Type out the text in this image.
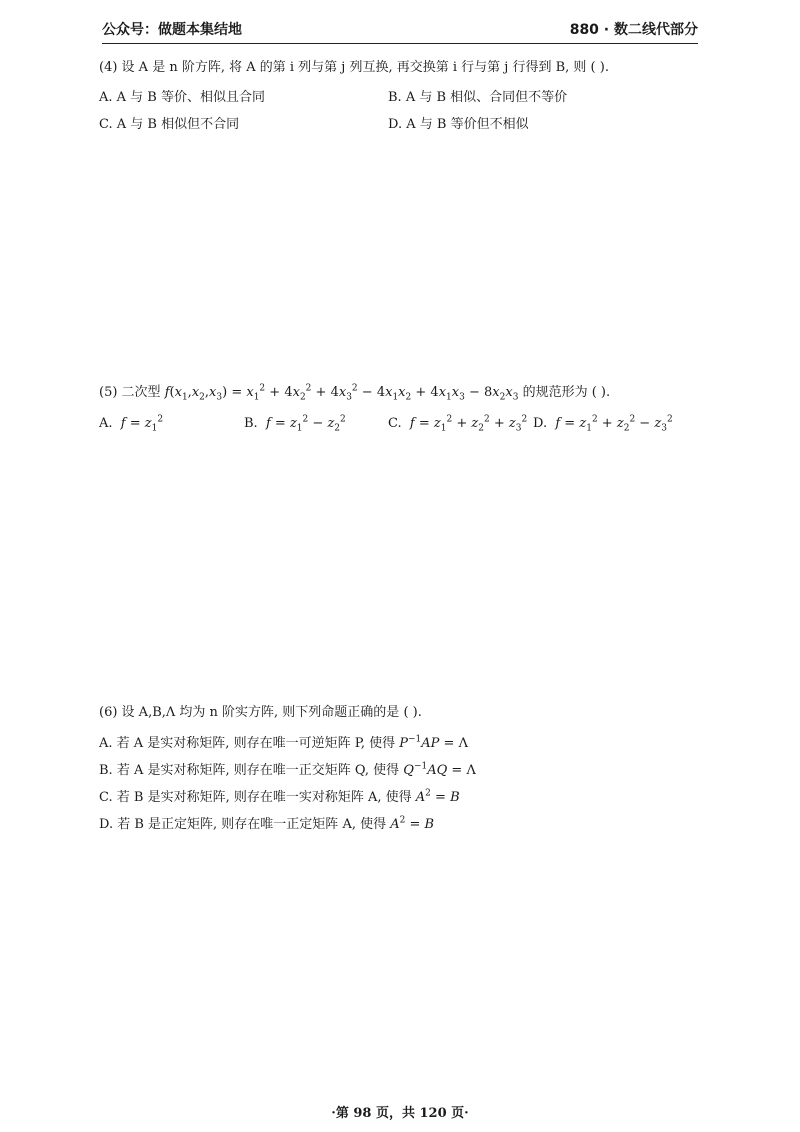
公众号：做题本集结地	880 · 数二线代部分
(4) 设 A 是 n 阶方阵, 将 A 的第 i 列与第 j 列互换, 再交换第 i 行与第 j 行得到 B, 则 ( ).
A. A 与 B 等价、相似且合同	B. A 与 B 相似、合同但不等价
C. A 与 B 相似但不合同	D. A 与 B 等价但不相似
(5) 二次型 $f(x_1,x_2,x_3) = x_1^2 + 4x_2^2 + 4x_3^2 - 4x_1x_2 + 4x_1x_3 - 8x_2x_3$ 的规范形为 ( ).
A. $f = z_1^2$	B. $f = z_1^2 - z_2^2$	C. $f = z_1^2 + z_2^2 + z_3^2$ D. $f = z_1^2 + z_2^2 - z_3^2$
(6) 设 A,B,Λ 均为 n 阶实方阵, 则下列命题正确的是 ( ).
A. 若 A 是实对称矩阵, 则存在唯一可逆矩阵 P, 使得 $P^{-1}AP = \Lambda$
B. 若 A 是实对称矩阵, 则存在唯一正交矩阵 Q, 使得 $Q^{-1}AQ = \Lambda$
C. 若 B 是实对称矩阵, 则存在唯一实对称矩阵 A, 使得 $A^2 = B$
D. 若 B 是正定矩阵, 则存在唯一正定矩阵 A, 使得 $A^2 = B$
·第 98 页，共 120 页·
